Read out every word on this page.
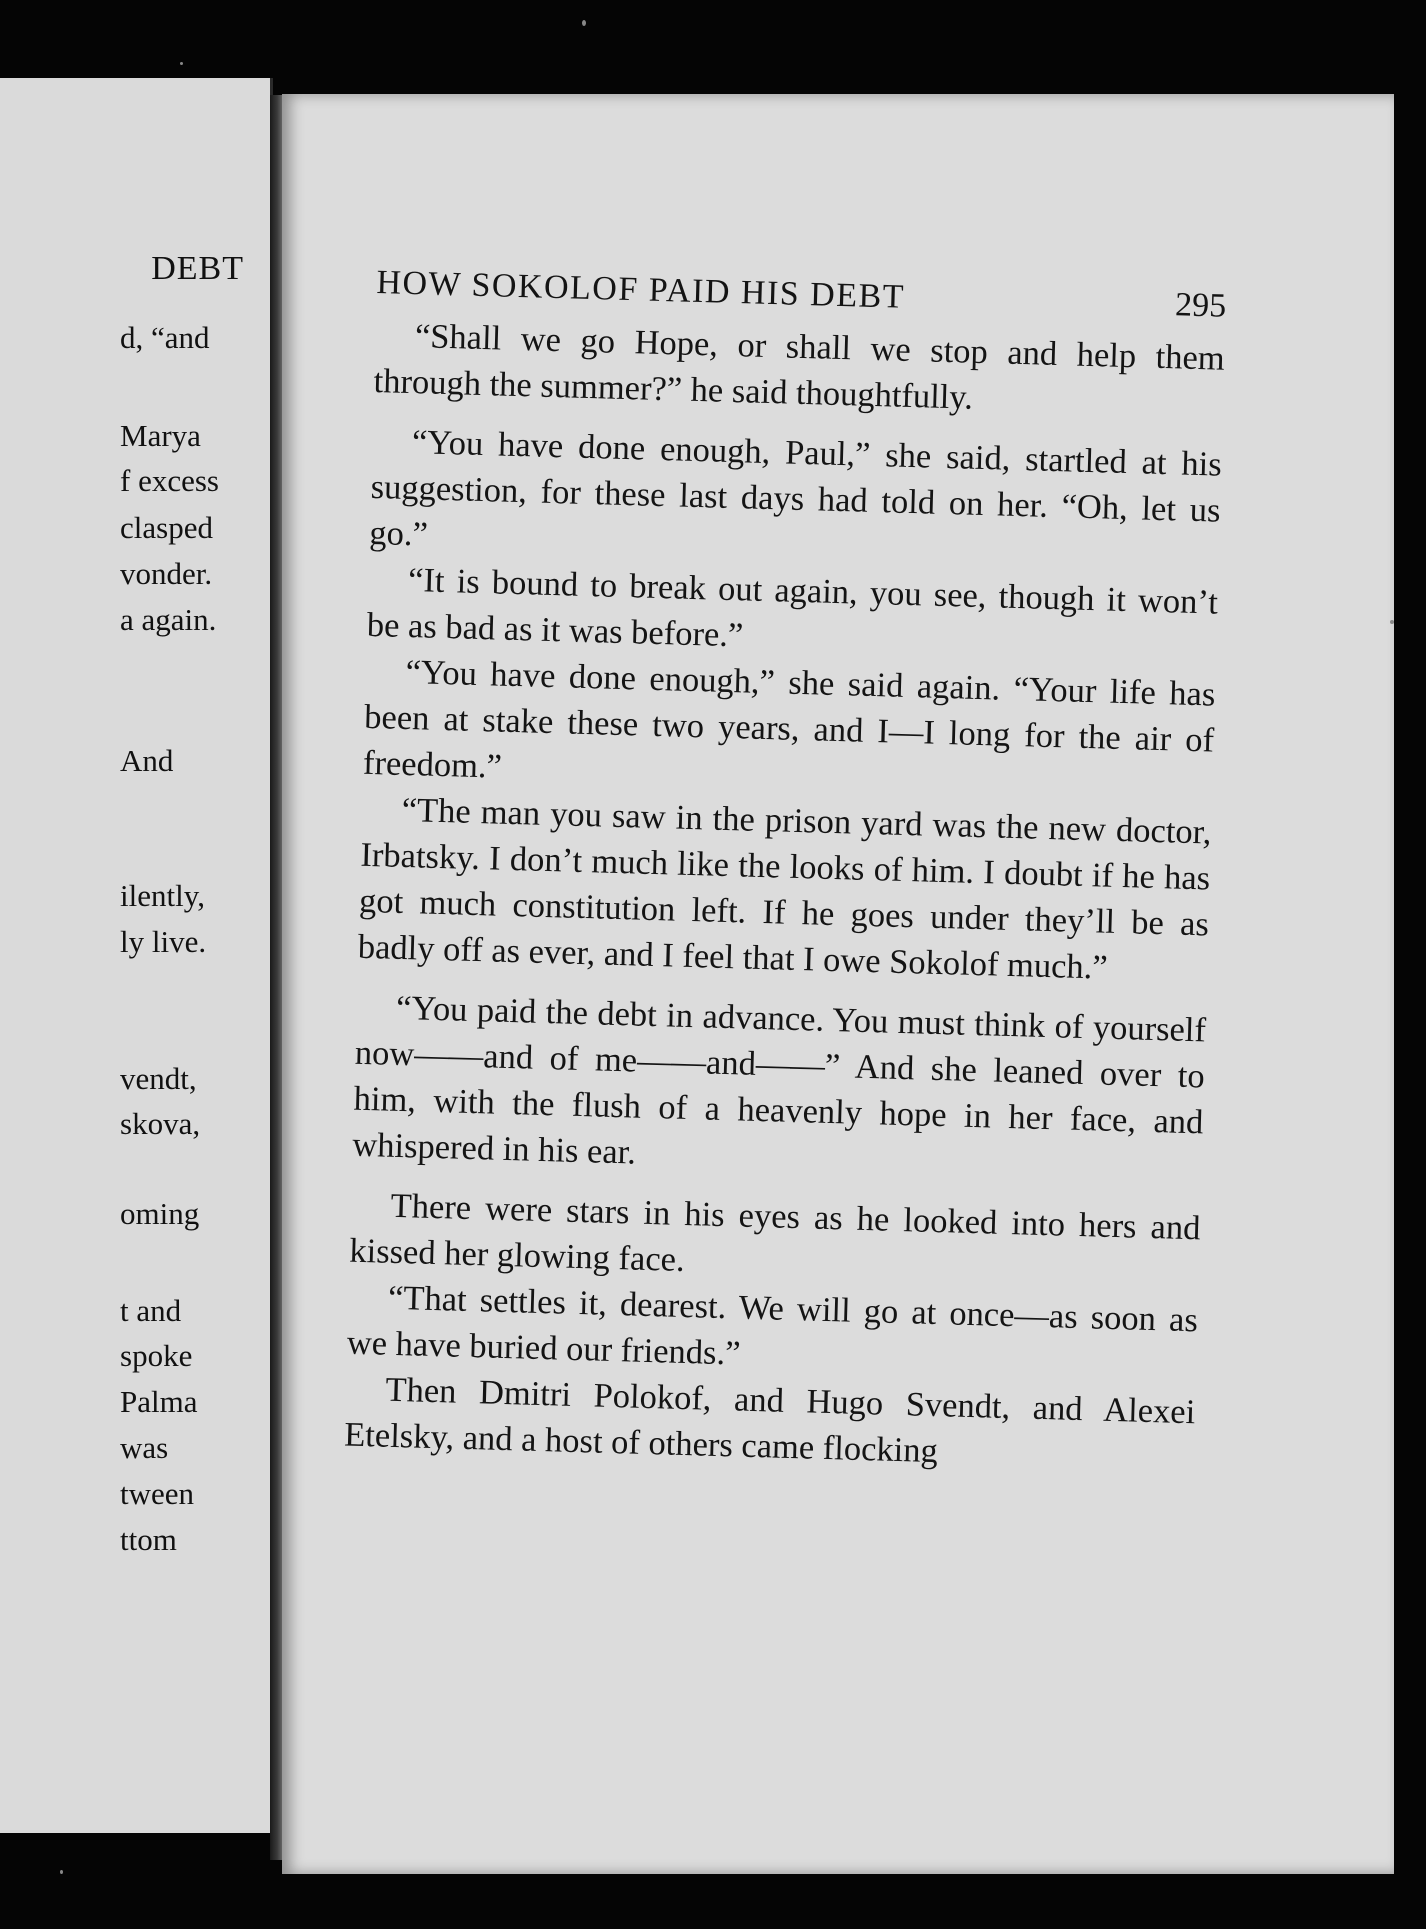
DEBT
d, “and
Marya
f excess
clasped
vonder.
a again.
And
ilently,
ly live.
vendt,
skova,
oming
t and
spoke
Palma
was
tween
ttom
HOW SOKOLOF PAID HIS DEBT	295

“Shall we go Hope, or shall we stop and help them through the summer?” he said thoughtfully.

“You have done enough, Paul,” she said, startled at his suggestion, for these last days had told on her. “Oh, let us go.”

“It is bound to break out again, you see, though it won’t be as bad as it was before.”

“You have done enough,” she said again. “Your life has been at stake these two years, and I—I long for the air of freedom.”

“The man you saw in the prison yard was the new doctor, Irbatsky. I don’t much like the looks of him. I doubt if he has got much constitution left. If he goes under they’ll be as badly off as ever, and I feel that I owe Sokolof much.”

“You paid the debt in advance. You must think of yourself now——and of me——and——” And she leaned over to him, with the flush of a heavenly hope in her face, and whispered in his ear.

There were stars in his eyes as he looked into hers and kissed her glowing face.

“That settles it, dearest. We will go at once—as soon as we have buried our friends.”

Then Dmitri Polokof, and Hugo Svendt, and Alexei Etelsky, and a host of others came flocking
